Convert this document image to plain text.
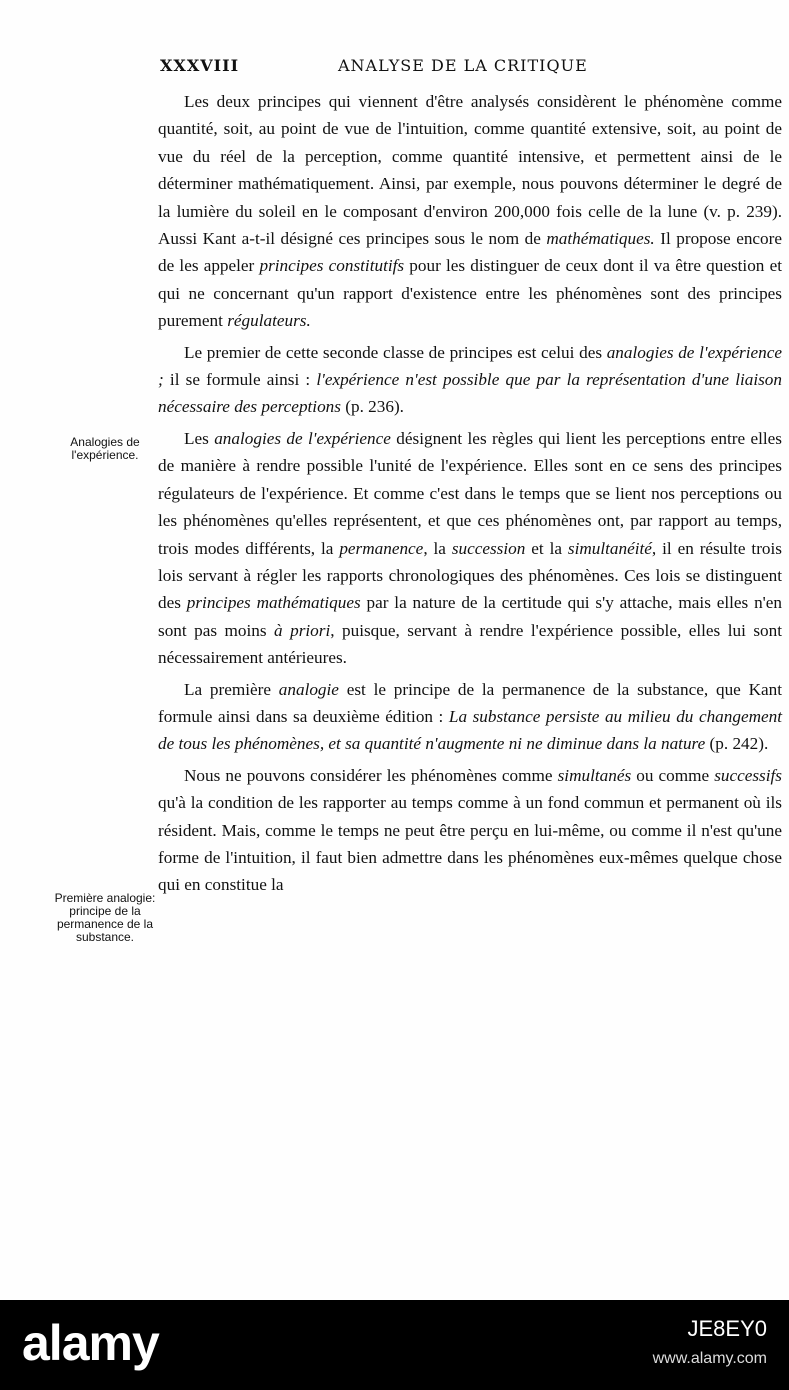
XXXVIII	ANALYSE DE LA CRITIQUE
Analogies de l'expérience.
Première analogie: principe de la permanence de la substance.

Les deux principes qui viennent d'être analysés considèrent le phénomène comme quantité, soit, au point de vue de l'intuition, comme quantité extensive, soit, au point de vue du réel de la perception, comme quantité intensive, et permettent ainsi de le déterminer mathématiquement. Ainsi, par exemple, nous pouvons déterminer le degré de la lumière du soleil en le composant d'environ 200,000 fois celle de la lune (v. p. 239). Aussi Kant a-t-il désigné ces principes sous le nom de mathématiques. Il propose encore de les appeler principes constitutifs pour les distinguer de ceux dont il va être question et qui ne concernant qu'un rapport d'existence entre les phénomènes sont des principes purement régulateurs.

Le premier de cette seconde classe de principes est celui des analogies de l'expérience ; il se formule ainsi : l'expérience n'est possible que par la représentation d'une liaison nécessaire des perceptions (p. 236).

Les analogies de l'expérience désignent les règles qui lient les perceptions entre elles de manière à rendre possible l'unité de l'expérience. Elles sont en ce sens des principes régulateurs de l'expérience. Et comme c'est dans le temps que se lient nos perceptions ou les phénomènes qu'elles représentent, et que ces phénomènes ont, par rapport au temps, trois modes différents, la permanence, la succession et la simultanéité, il en résulte trois lois servant à régler les rapports chronologiques des phénomènes. Ces lois se distinguent des principes mathématiques par la nature de la certitude qui s'y attache, mais elles n'en sont pas moins à priori, puisque, servant à rendre l'expérience possible, elles lui sont nécessairement antérieures.

La première analogie est le principe de la permanence de la substance, que Kant formule ainsi dans sa deuxième édition : La substance persiste au milieu du changement de tous les phénomènes, et sa quantité n'augmente ni ne diminue dans la nature (p. 242).

Nous ne pouvons considérer les phénomènes comme simultanés ou comme successifs qu'à la condition de les rapporter au temps comme à un fond commun et permanent où ils résident. Mais, comme le temps ne peut être perçu en lui-même, ou comme il n'est qu'une forme de l'intuition, il faut bien admettre dans les phénomènes eux-mêmes quelque chose qui en constitue la

alamy	JE8EY0
www.alamy.com
